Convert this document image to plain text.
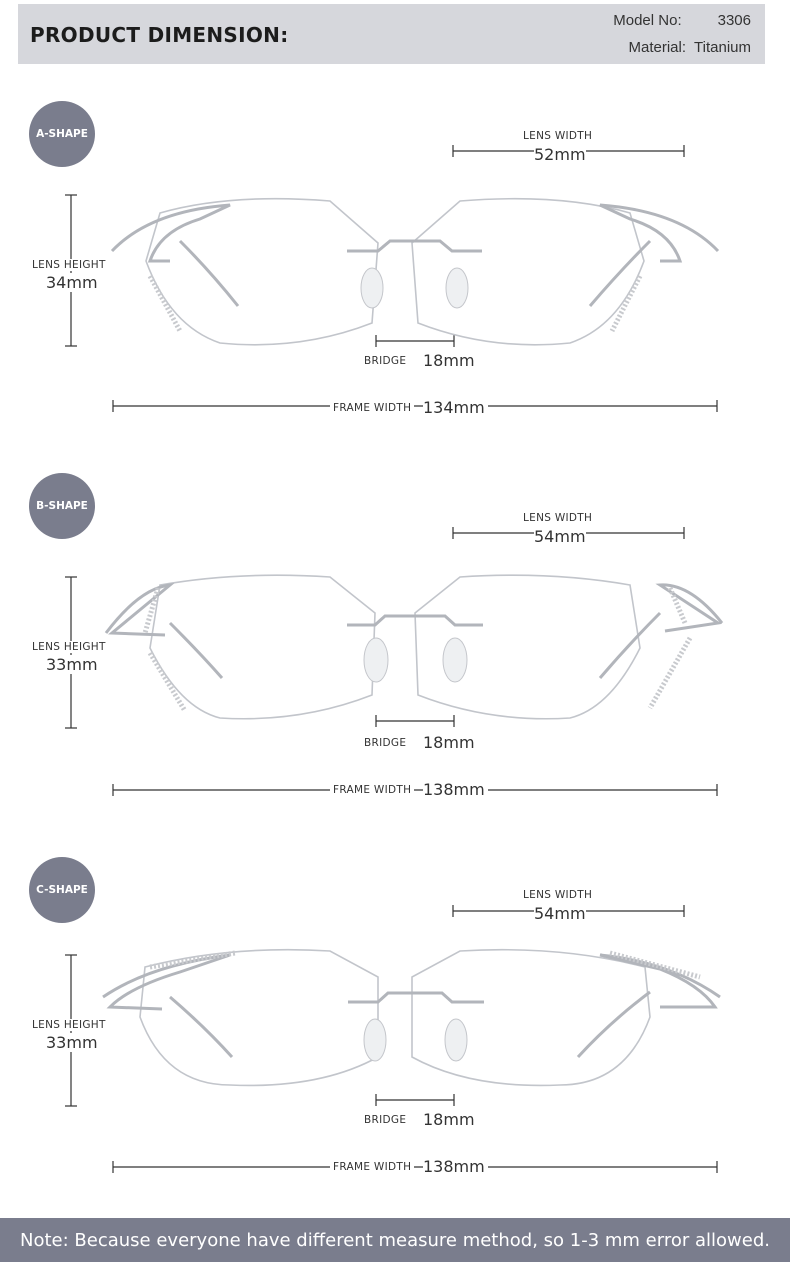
PRODUCT DIMENSION:
Model No: 3306
Material: Titanium
A-SHAPE	LENS WIDTH
52mm
LENS HEIGHT
34mm
BRIDGE 18mm
FRAME WIDTH 134mm
B-SHAPE
LENS WIDTH
54mm
LENS HEIGHT
33mm
BRIDGE 18mm
FRAME WIDTH 138mm
C-SHAPE	LENS WIDTH
54mm
LENS HEIGHT
33mm
BRIDGE 18mm
FRAME WIDTH 138mm
Note: Because everyone have different measure method, so 1-3 mm error allowed.
